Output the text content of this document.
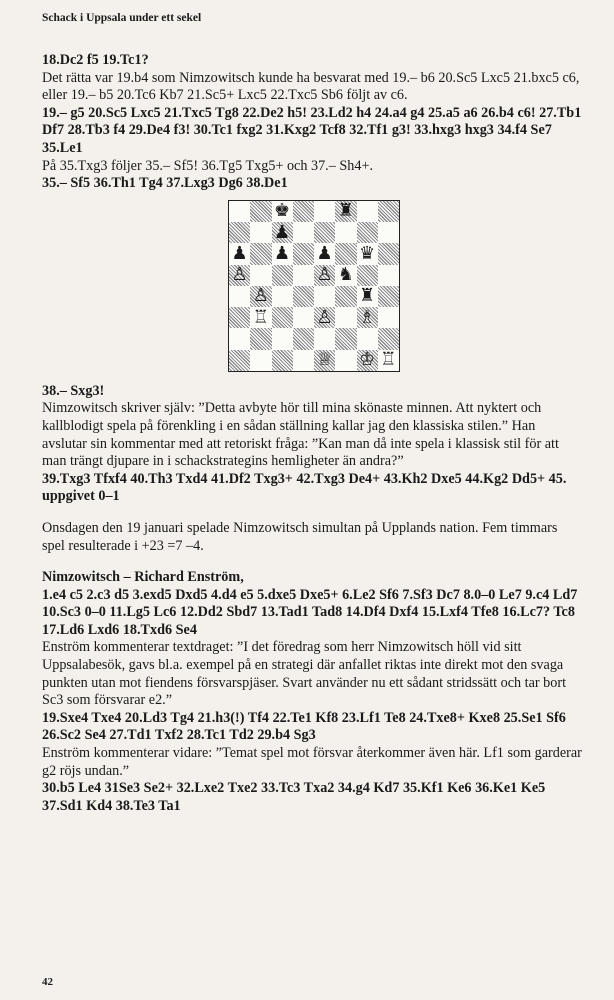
Schack i Uppsala under ett sekel

18.Dc2 f5 19.Tc1?

Det rätta var 19.b4 som Nimzowitsch kunde ha besvarat med 19.– b6 20.Sc5 Lxc5 21.bxc5 c6, eller 19.– b5 20.Tc6 Kb7 21.Sc5+ Lxc5 22.Txc5 Sb6 följt av c6.

19.– g5 20.Sc5 Lxc5 21.Txc5 Tg8 22.De2 h5! 23.Ld2 h4 24.a4 g4 25.a5 a6 26.b4 c6! 27.Tb1 Df7 28.Tb3 f4 29.De4 f3! 30.Tc1 fxg2 31.Kxg2 Tcf8 32.Tf1 g3! 33.hxg3 hxg3 34.f4 Se7 35.Le1

På 35.Txg3 följer 35.– Sf5! 36.Tg5 Txg5+ och 37.– Sh4+.

35.– Sf5 36.Th1 Tg4 37.Lxg3 Dg6 38.De1

♚	♜
♟
♟ ♟ ♟ ♛
♙	♙ ♞
♙	♜
♖	♙ ♗
♕ ♔ ♖

38.– Sxg3!

Nimzowitsch skriver själv: ”Detta avbyte hör till mina skönaste minnen. Att nyktert och kallblodigt spela på förenkling i en sådan ställning kallar jag den klassiska stilen.” Han avslutar sin kommentar med att retoriskt fråga: ”Kan man då inte spela i klassisk stil för att man trängt djupare in i schackstrategins hemligheter än andra?”

39.Txg3 Tfxf4 40.Th3 Txd4 41.Df2 Txg3+ 42.Txg3 De4+ 43.Kh2 Dxe5 44.Kg2 Dd5+ 45. uppgivet 0–1

Onsdagen den 19 januari spelade Nimzowitsch simultan på Upplands nation. Fem timmars spel resulterade i +23 =7 –4.

Nimzowitsch – Richard Enström,

1.e4 c5 2.c3 d5 3.exd5 Dxd5 4.d4 e5 5.dxe5 Dxe5+ 6.Le2 Sf6 7.Sf3 Dc7 8.0–0 Le7 9.c4 Ld7 10.Sc3 0–0 11.Lg5 Lc6 12.Dd2 Sbd7 13.Tad1 Tad8 14.Df4 Dxf4 15.Lxf4 Tfe8 16.Lc7? Tc8 17.Ld6 Lxd6 18.Txd6 Se4

Enström kommenterar textdraget: ”I det föredrag som herr Nimzowitsch höll vid sitt Uppsalabesök, gavs bl.a. exempel på en strategi där anfallet riktas inte direkt mot den svaga punkten utan mot fiendens försvarspjäser. Svart använder nu ett sådant stridssätt och tar bort Sc3 som försvarar e2.”

19.Sxe4 Txe4 20.Ld3 Tg4 21.h3(!) Tf4 22.Te1 Kf8 23.Lf1 Te8 24.Txe8+ Kxe8 25.Se1 Sf6 26.Sc2 Se4 27.Td1 Txf2 28.Tc1 Td2 29.b4 Sg3

Enström kommenterar vidare: ”Temat spel mot försvar återkommer även här. Lf1 som garderar g2 röjs undan.”

30.b5 Le4 31Se3 Se2+ 32.Lxe2 Txe2 33.Tc3 Txa2 34.g4 Kd7 35.Kf1 Ke6 36.Ke1 Ke5 37.Sd1 Kd4 38.Te3 Ta1

42
